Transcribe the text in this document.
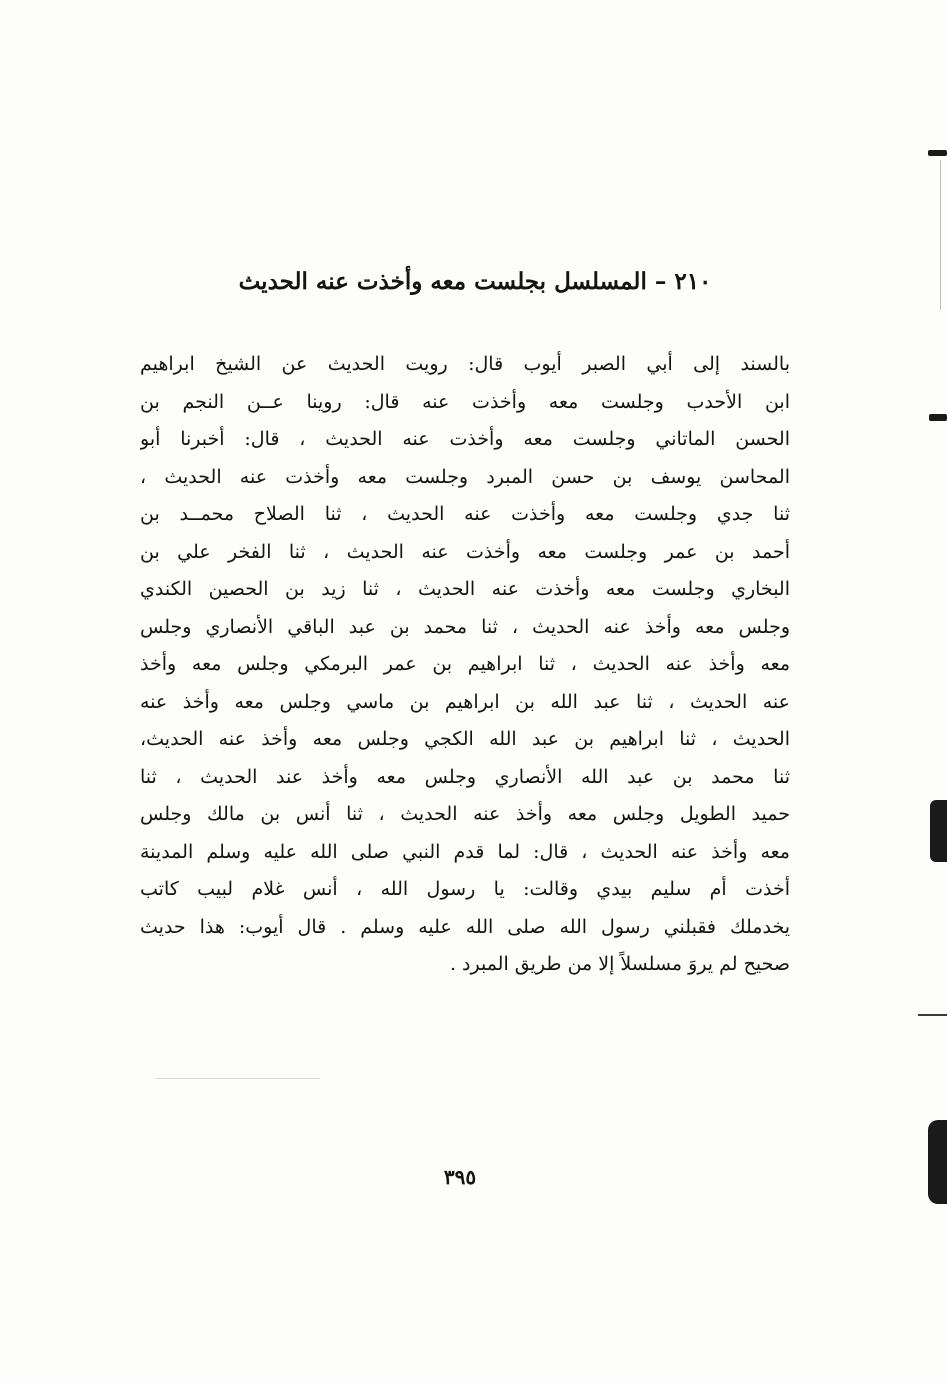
٢١٠ – المسلسل بجلست معه وأخذت عنه الحديث
بالسند إلى أبي الصبر أيوب قال: رويت الحديث عن الشيخ ابراهيم
ابن الأحدب وجلست معه وأخذت عنه قال: روينا عــن النجم بن
الحسن الماتاني وجلست معه وأخذت عنه الحديث ، قال: أخبرنا أبو
المحاسن يوسف بن حسن المبرد وجلست معه وأخذت عنه الحديث ،
ثنا جدي وجلست معه وأخذت عنه الحديث ، ثنا الصلاح محمــد بن
أحمد بن عمر وجلست معه وأخذت عنه الحديث ، ثنا الفخر علي بن
البخاري وجلست معه وأخذت عنه الحديث ، ثنا زيد بن الحصين الكندي
وجلس معه وأخذ عنه الحديث ، ثنا محمد بن عبد الباقي الأنصاري وجلس
معه وأخذ عنه الحديث ، ثنا ابراهيم بن عمر البرمكي وجلس معه وأخذ
عنه الحديث ، ثنا عبد الله بن ابراهيم بن ماسي وجلس معه وأخذ عنه
الحديث ، ثنا ابراهيم بن عبد الله الكجي وجلس معه وأخذ عنه الحديث،
ثنا محمد بن عبد الله الأنصاري وجلس معه وأخذ عند الحديث ، ثنا
حميد الطويل وجلس معه وأخذ عنه الحديث ، ثنا أنس بن مالك وجلس
معه وأخذ عنه الحديث ، قال: لما قدم النبي صلى الله عليه وسلم المدينة
أخذت أم سليم بيدي وقالت: يا رسول الله ، أنس غلام لبيب كاتب
يخدملك فقبلني رسول الله صلى الله عليه وسلم . قال أيوب: هذا حديث
صحيح لم يروَ مسلسلاً إلا من طريق المبرد .
٣٩٥
